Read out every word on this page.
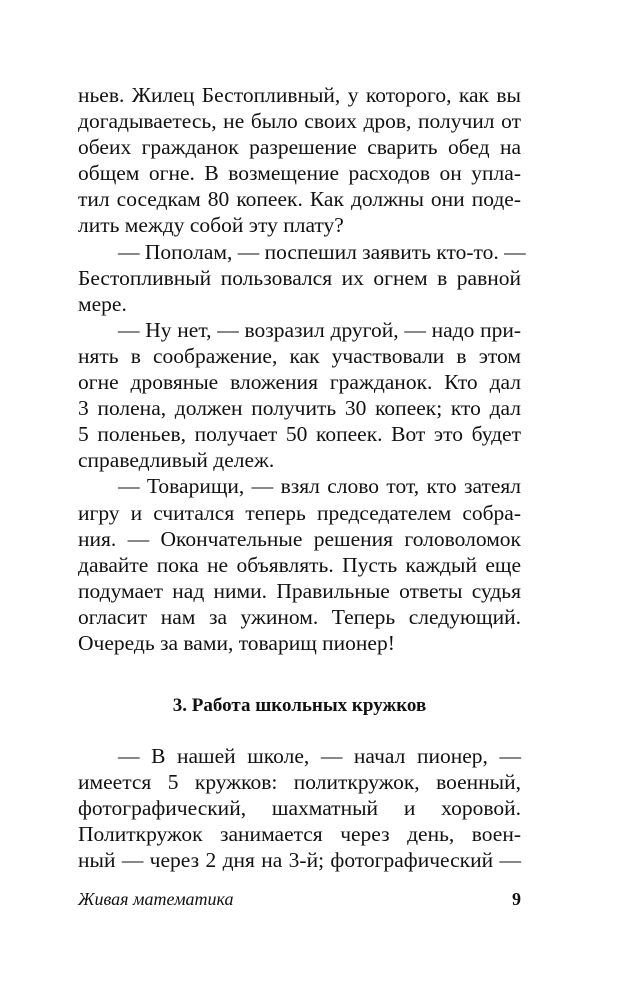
ньев. Жилец Бестопливный, у которого, как вы
догадываетесь, не было своих дров, получил от
обеих гражданок разрешение сварить обед на
общем огне. В возмещение расходов он упла-
тил соседкам 80 копеек. Как должны они поде-
лить между собой эту плату?
— Пополам, — поспешил заявить кто-то. —
Бестопливный пользовался их огнем в равной
мере.
— Ну нет, — возразил другой, — надо при-
нять в соображение, как участвовали в этом
огне дровяные вложения гражданок. Кто дал
3 полена, должен получить 30 копеек; кто дал
5 поленьев, получает 50 копеек. Вот это будет
справедливый дележ.
— Товарищи, — взял слово тот, кто затеял
игру и считался теперь председателем собра-
ния. — Окончательные решения головоломок
давайте пока не объявлять. Пусть каждый еще
подумает над ними. Правильные ответы судья
огласит нам за ужином. Теперь следующий.
Очередь за вами, товарищ пионер!
3. Работа школьных кружков
— В нашей школе, — начал пионер, —
имеется 5 кружков: политкружок, военный,
фотографический, шахматный и хоровой.
Политкружок занимается через день, воен-
ный — через 2 дня на 3-й; фотографический —
Живая математика	9
